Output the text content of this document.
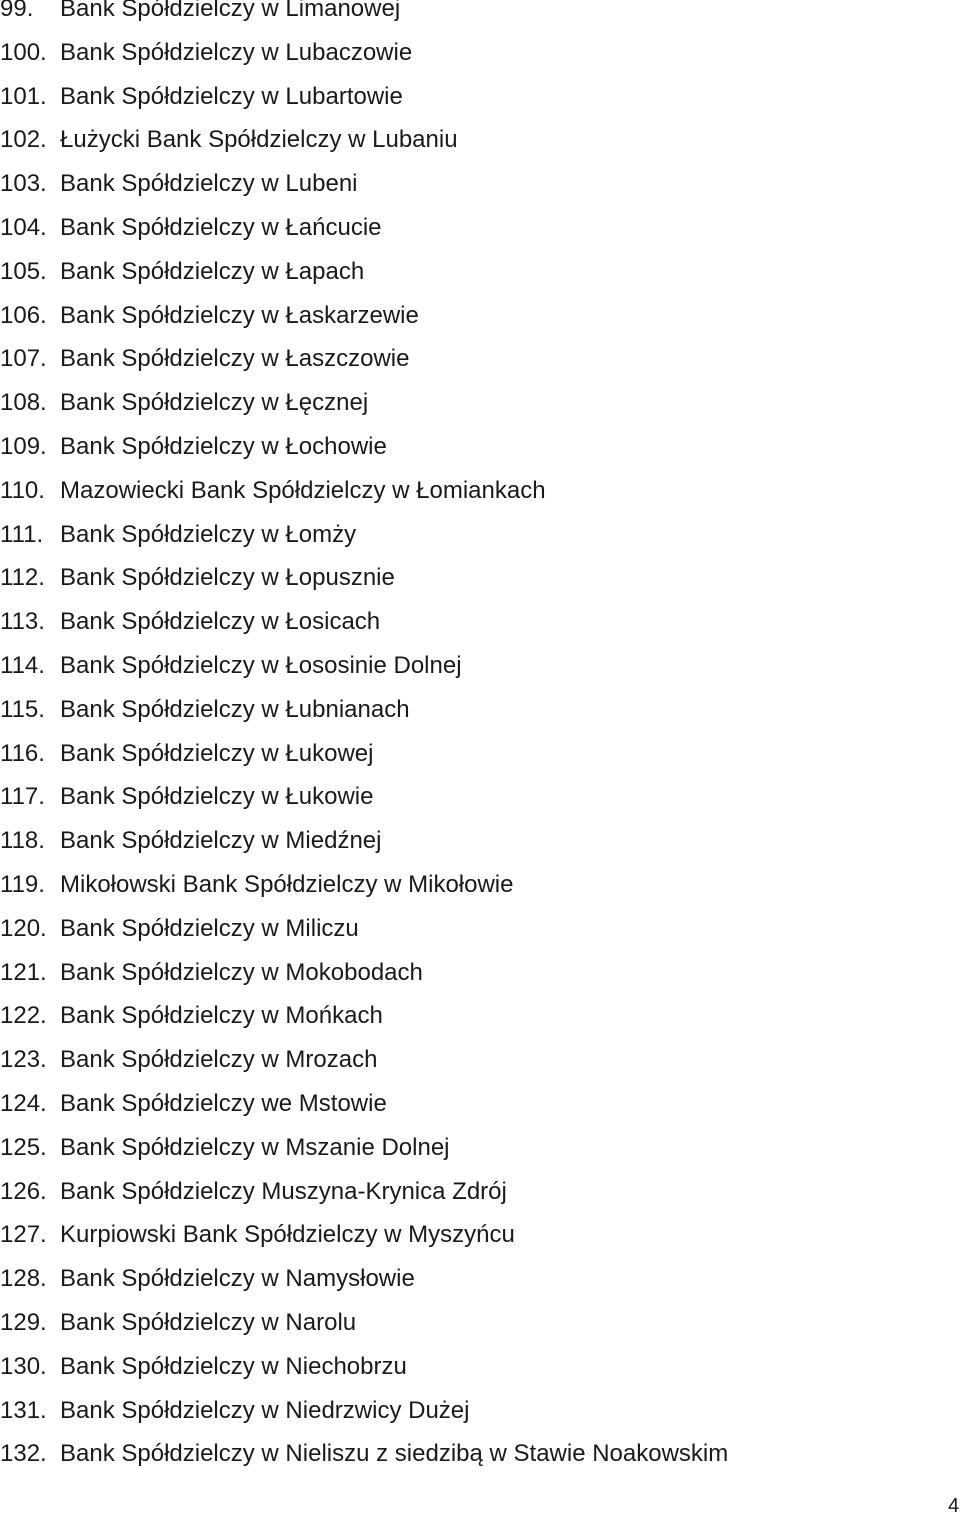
99. Bank Spółdzielczy w Limanowej
100. Bank Spółdzielczy w Lubaczowie
101. Bank Spółdzielczy w Lubartowie
102. Łużycki Bank Spółdzielczy w Lubaniu
103. Bank Spółdzielczy w Lubeni
104. Bank Spółdzielczy w Łańcucie
105. Bank Spółdzielczy w Łapach
106. Bank Spółdzielczy w Łaskarzewie
107. Bank Spółdzielczy w Łaszczowie
108. Bank Spółdzielczy w Łęcznej
109. Bank Spółdzielczy w Łochowie
110. Mazowiecki Bank Spółdzielczy w Łomiankach
111. Bank Spółdzielczy w Łomży
112. Bank Spółdzielczy w Łopusznie
113. Bank Spółdzielczy w Łosicach
114. Bank Spółdzielczy w Łososinie Dolnej
115. Bank Spółdzielczy w Łubnianach
116. Bank Spółdzielczy w Łukowej
117. Bank Spółdzielczy w Łukowie
118. Bank Spółdzielczy w Miedźnej
119. Mikołowski Bank Spółdzielczy w Mikołowie
120. Bank Spółdzielczy w Miliczu
121. Bank Spółdzielczy w Mokobodach
122. Bank Spółdzielczy w Mońkach
123. Bank Spółdzielczy w Mrozach
124. Bank Spółdzielczy we Mstowie
125. Bank Spółdzielczy w Mszanie Dolnej
126. Bank Spółdzielczy Muszyna-Krynica Zdrój
127. Kurpiowski Bank Spółdzielczy w Myszyńcu
128. Bank Spółdzielczy w Namysłowie
129. Bank Spółdzielczy w Narolu
130. Bank Spółdzielczy w Niechobrzu
131. Bank Spółdzielczy w Niedrzwicy Dużej
132. Bank Spółdzielczy w Nieliszu z siedzibą w Stawie Noakowskim
4
